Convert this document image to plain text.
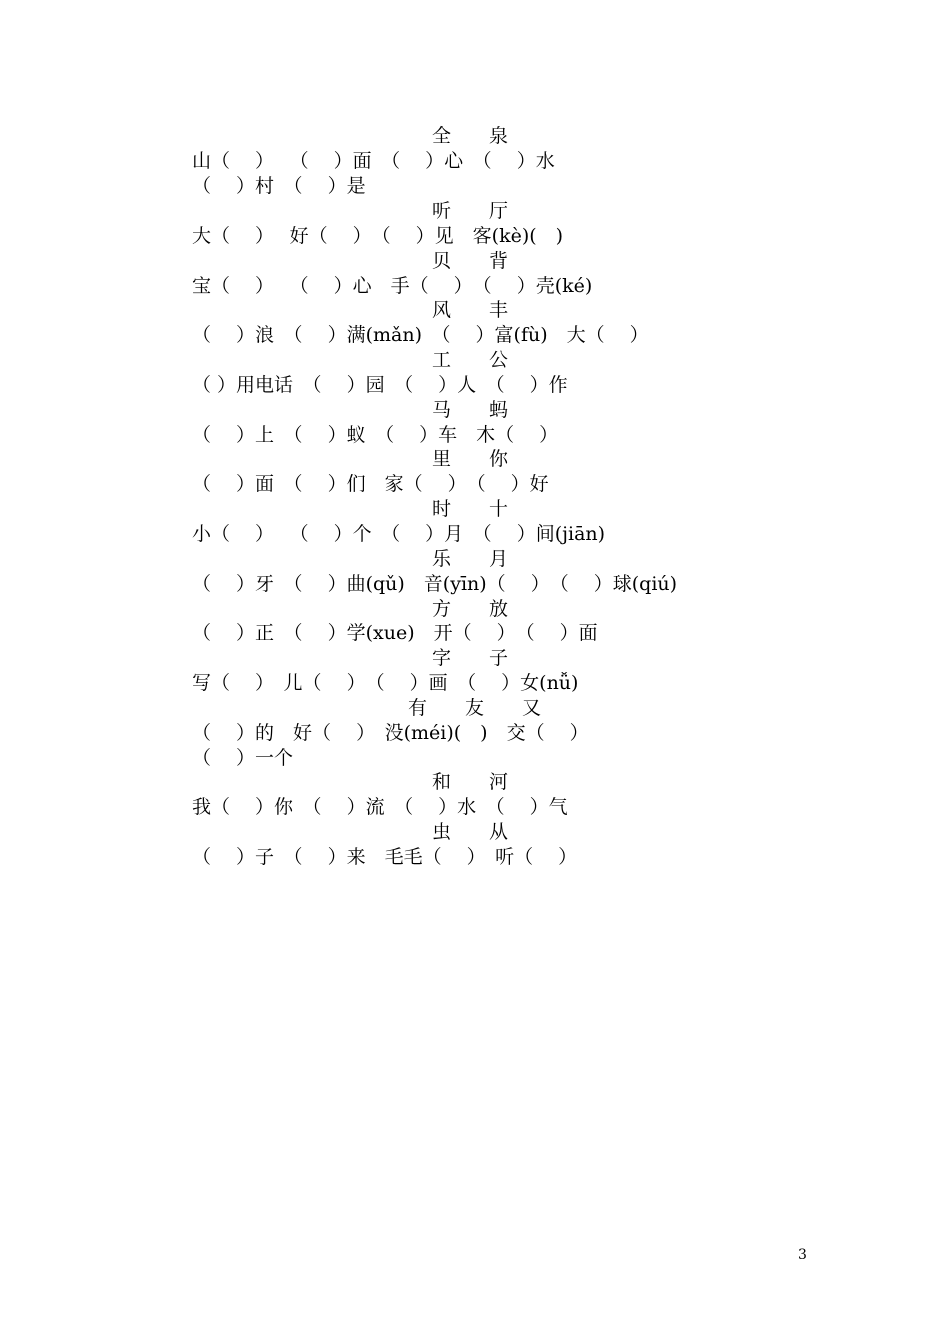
全　　泉
山（　 ）　 （　 ）面　（　 ）心　（　 ）水
（　 ）村　（　 ）是
听　　厅
大（　 ）　 好（　 ）　（　 ）见　客(kè)(　)
贝　　背
宝（　 ）　 （　 ）心　手（　 ）　（　 ）壳(ké)
风　　丰
（　 ）浪　（　 ）满(mǎn)　（　 ）富(fù)　大（　 ）
工　　公
（ ）用电话　（　 ）园　（　 ）人　（　 ）作
马　　蚂
（　 ）上　（　 ）蚁　（　 ）车　木（　 ）
里　　你
（　 ）面　（　 ）们　家（　 ）　（　 ）好
时　　十
小（　 ）　 （　 ）个　（　 ）月　（　 ）间(jiān)
乐　　月
（　 ）牙　（　 ）曲(qǔ)　音(yīn)（　 ）　（　 ）球(qiú)
方　　放
（　 ）正　（　 ）学(xue)　开（　 ）　（　 ）面
字　　子
写（　 ）　儿（　 ）　（　 ）画　（　 ）女(nǚ)
有　　友　　又
（　 ）的　好（　 ）　没(méi)(　)　交（　 ）
（　 ）一个
和　　河
我（　 ）你　（　 ）流　（　 ）水　（　 ）气
虫　　从
（　 ）子　（　 ）来　毛毛（　 ）　听（　 ）
3
